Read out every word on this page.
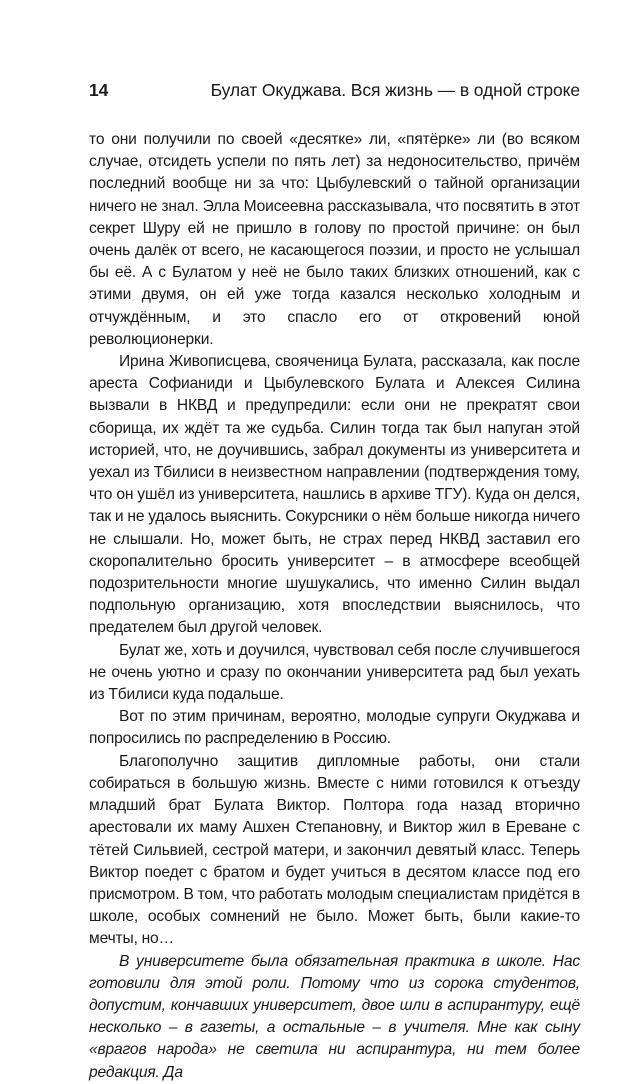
14	Булат Окуджава. Вся жизнь — в одной строке

то они получили по своей «десятке» ли, «пятёрке» ли (во всяком случае, отсидеть успели по пять лет) за недоносительство, причём последний вообще ни за что: Цыбулевский о тайной организации ничего не знал. Элла Моисеевна рассказывала, что посвятить в этот секрет Шуру ей не пришло в голову по простой причине: он был очень далёк от всего, не касающегося поэзии, и просто не услышал бы её. А с Булатом у неё не было таких близких отношений, как с этими двумя, он ей уже тогда казался несколько холодным и отчуждённым, и это спасло его от откровений юной революционерки.

Ирина Живописцева, свояченица Булата, рассказала, как после ареста Софианиди и Цыбулевского Булата и Алексея Силина вызвали в НКВД и предупредили: если они не прекратят свои сборища, их ждёт та же судьба. Силин тогда так был напуган этой историей, что, не доучившись, забрал документы из университета и уехал из Тбилиси в неизвестном направлении (подтверждения тому, что он ушёл из университета, нашлись в архиве ТГУ). Куда он делся, так и не удалось выяснить. Сокурсники о нём больше никогда ничего не слышали. Но, может быть, не страх перед НКВД заставил его скоропалительно бросить университет – в атмосфере всеобщей подозрительности многие шушукались, что именно Силин выдал подпольную организацию, хотя впоследствии выяснилось, что предателем был другой человек.

Булат же, хоть и доучился, чувствовал себя после случившегося не очень уютно и сразу по окончании университета рад был уехать из Тбилиси куда подальше.

Вот по этим причинам, вероятно, молодые супруги Окуджава и попросились по распределению в Россию.

Благополучно защитив дипломные работы, они стали собираться в большую жизнь. Вместе с ними готовился к отъезду младший брат Булата Виктор. Полтора года назад вторично арестовали их маму Ашхен Степановну, и Виктор жил в Ереване с тётей Сильвией, сестрой матери, и закончил девятый класс. Теперь Виктор поедет с братом и будет учиться в десятом классе под его присмотром. В том, что работать молодым специалистам придётся в школе, особых сомнений не было. Может быть, были какие-то мечты, но…

В университете была обязательная практика в школе. Нас готовили для этой роли. Потому что из сорока студентов, допустим, кончавших университет, двое шли в аспирантуру, ещё несколько – в газеты, а остальные – в учителя. Мне как сыну «врагов народа» не светила ни аспирантура, ни тем более редакция. Да
